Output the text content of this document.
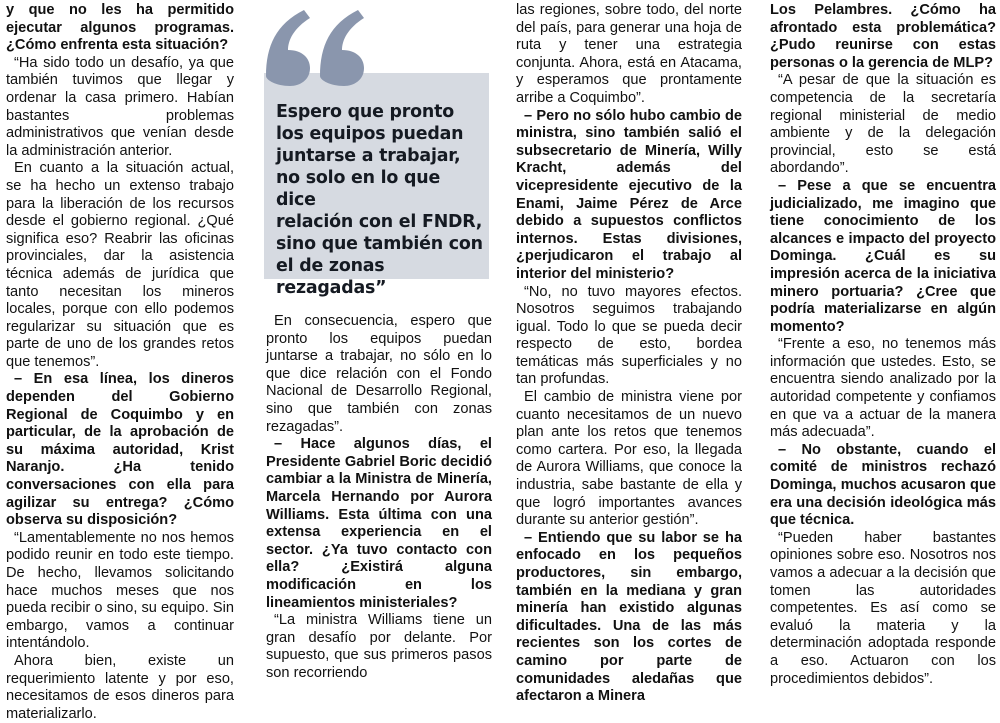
y que no les ha permitido ejecutar algunos programas. ¿Cómo enfrenta esta situación?

“Ha sido todo un desafío, ya que también tuvimos que llegar y ordenar la casa primero. Habían bastantes problemas administrativos que venían desde la administración anterior.

En cuanto a la situación actual, se ha hecho un extenso trabajo para la liberación de los recursos desde el gobierno regional. ¿Qué significa eso? Reabrir las oficinas provinciales, dar la asistencia técnica además de jurídica que tanto necesitan los mineros locales, porque con ello podemos regularizar su situación que es parte de uno de los grandes retos que tenemos”.

– En esa línea, los dineros dependen del Gobierno Regional de Coquimbo y en particular, de la aprobación de su máxima autoridad, Krist Naranjo. ¿Ha tenido conversaciones con ella para agilizar su entrega? ¿Cómo observa su disposición?

“Lamentablemente no nos hemos podido reunir en todo este tiempo. De hecho, llevamos solicitando hace muchos meses que nos pueda recibir o sino, su equipo. Sin embargo, vamos a continuar intentándolo.

Ahora bien, existe un requerimiento latente y por eso, necesitamos de esos dineros para materializarlo.

Espero que pronto
los equipos puedan
juntarse a trabajar,
no solo en lo que dice
relación con el FNDR,
sino que también con
el de zonas rezagadas”

En consecuencia, espero que pronto los equipos puedan juntarse a trabajar, no sólo en lo que dice relación con el Fondo Nacional de Desarrollo Regional, sino que también con zonas rezagadas”.

– Hace algunos días, el Presidente Gabriel Boric decidió cambiar a la Ministra de Minería, Marcela Hernando por Aurora Williams. Esta última con una extensa experiencia en el sector. ¿Ya tuvo contacto con ella? ¿Existirá alguna modificación en los lineamientos ministeriales?

“La ministra Williams tiene un gran desafío por delante. Por supuesto, que sus primeros pasos son recorriendo

las regiones, sobre todo, del norte del país, para generar una hoja de ruta y tener una estrategia conjunta. Ahora, está en Atacama, y esperamos que prontamente arribe a Coquimbo”.

– Pero no sólo hubo cambio de ministra, sino también salió el subsecretario de Minería, Willy Kracht, además del vicepresidente ejecutivo de la Enami, Jaime Pérez de Arce debido a supuestos conflictos internos. Estas divisiones, ¿perjudicaron el trabajo al interior del ministerio?

“No, no tuvo mayores efectos. Nosotros seguimos trabajando igual. Todo lo que se pueda decir respecto de esto, bordea temáticas más superficiales y no tan profundas.

El cambio de ministra viene por cuanto necesitamos de un nuevo plan ante los retos que tenemos como cartera. Por eso, la llegada de Aurora Williams, que conoce la industria, sabe bastante de ella y que logró importantes avances durante su anterior gestión”.

– Entiendo que su labor se ha enfocado en los pequeños productores, sin embargo, también en la mediana y gran minería han existido algunas dificultades. Una de las más recientes son los cortes de camino por parte de comunidades aledañas que afectaron a Minera

Los Pelambres. ¿Cómo ha afrontado esta problemática? ¿Pudo reunirse con estas personas o la gerencia de MLP?

“A pesar de que la situación es competencia de la secretaría regional ministerial de medio ambiente y de la delegación provincial, esto se está abordando”.

– Pese a que se encuentra judicializado, me imagino que tiene conocimiento de los alcances e impacto del proyecto Dominga. ¿Cuál es su impresión acerca de la iniciativa minero portuaria? ¿Cree que podría materializarse en algún momento?

“Frente a eso, no tenemos más información que ustedes. Esto, se encuentra siendo analizado por la autoridad competente y confiamos en que va a actuar de la manera más adecuada”.

– No obstante, cuando el comité de ministros rechazó Dominga, muchos acusaron que era una decisión ideológica más que técnica.

“Pueden haber bastantes opiniones sobre eso. Nosotros nos vamos a adecuar a la decisión que tomen las autoridades competentes. Es así como se evaluó la materia y la determinación adoptada responde a eso. Actuaron con los procedimientos debidos”.
